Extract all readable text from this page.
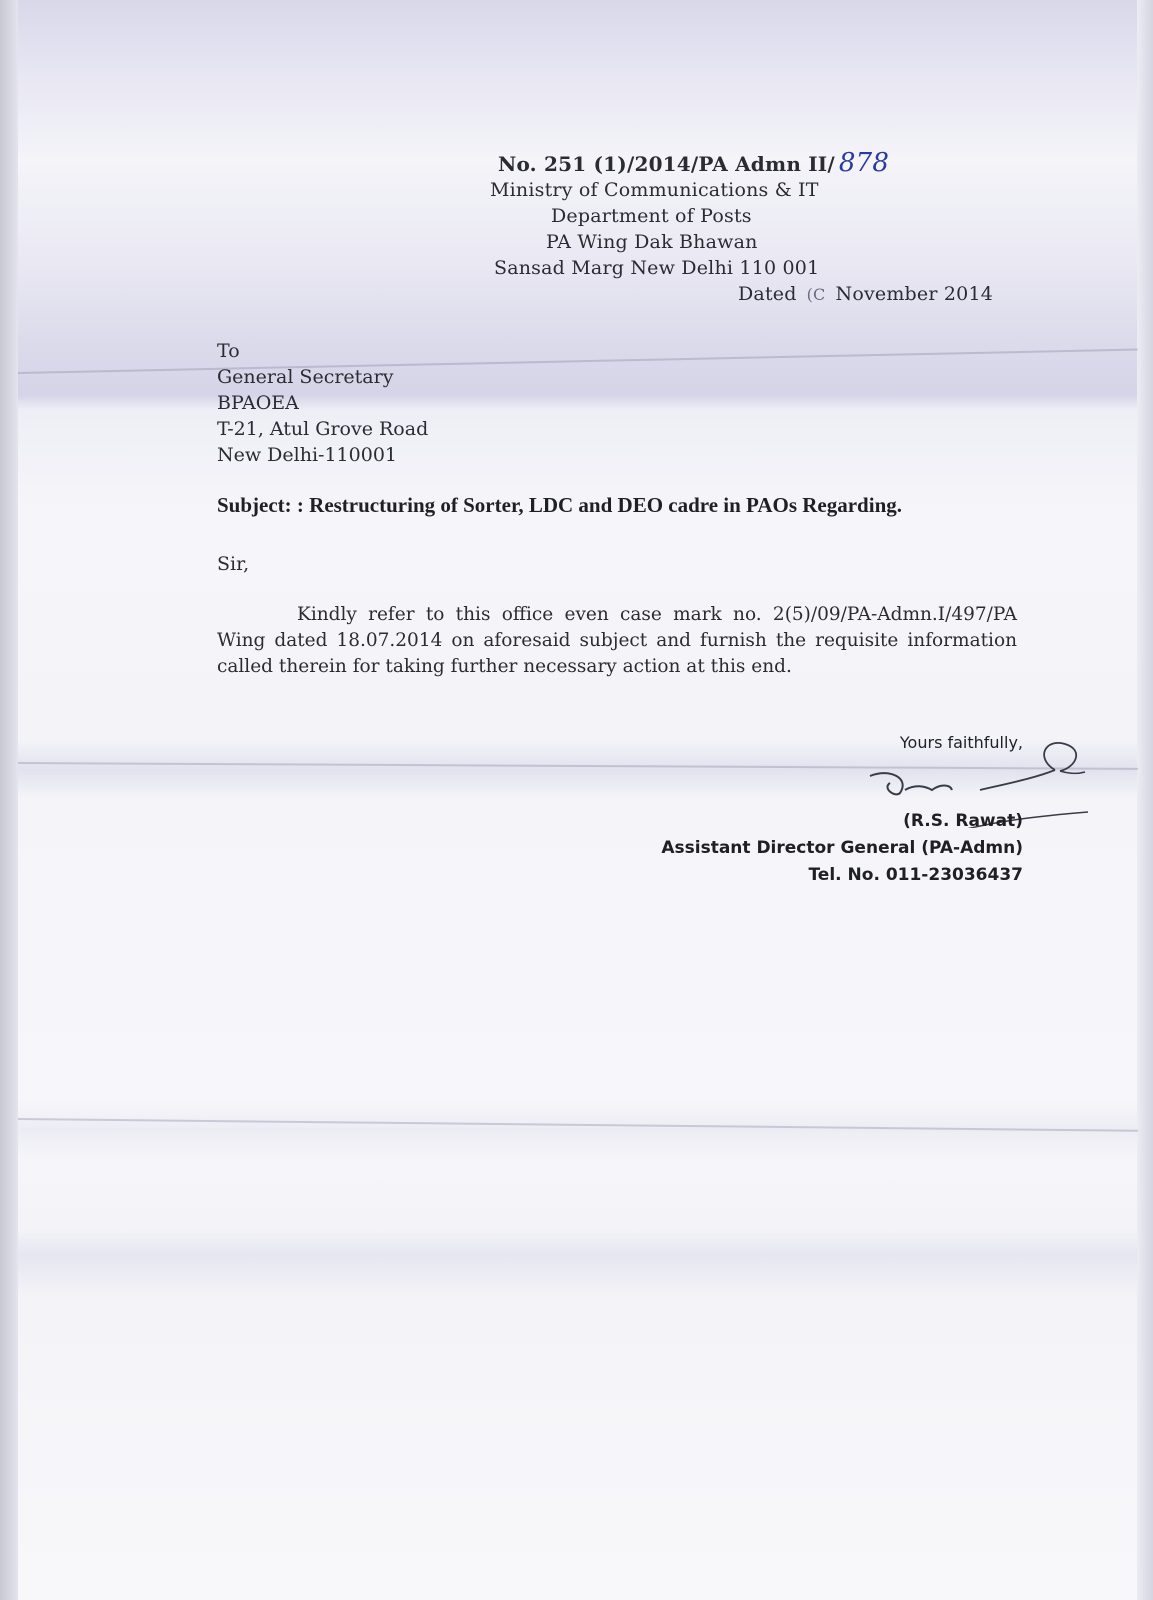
No. 251 (1)/2014/PA Admn II/ 878
Ministry of Communications & IT
Department of Posts
PA Wing Dak Bhawan
Sansad Marg New Delhi 110 001
Dated (C November 2014
To
General Secretary
BPAOEA
T-21, Atul Grove Road
New Delhi-110001
Subject: : Restructuring of Sorter, LDC and DEO cadre in PAOs Regarding.
Sir,
Kindly refer to this office even case mark no. 2(5)/09/PA-Admn.I/497/PA Wing dated 18.07.2014 on aforesaid subject and furnish the requisite information called therein for taking further necessary action at this end.
Yours faithfully,
(R.S. Rawat)
Assistant Director General (PA-Admn)
Tel. No. 011-23036437
